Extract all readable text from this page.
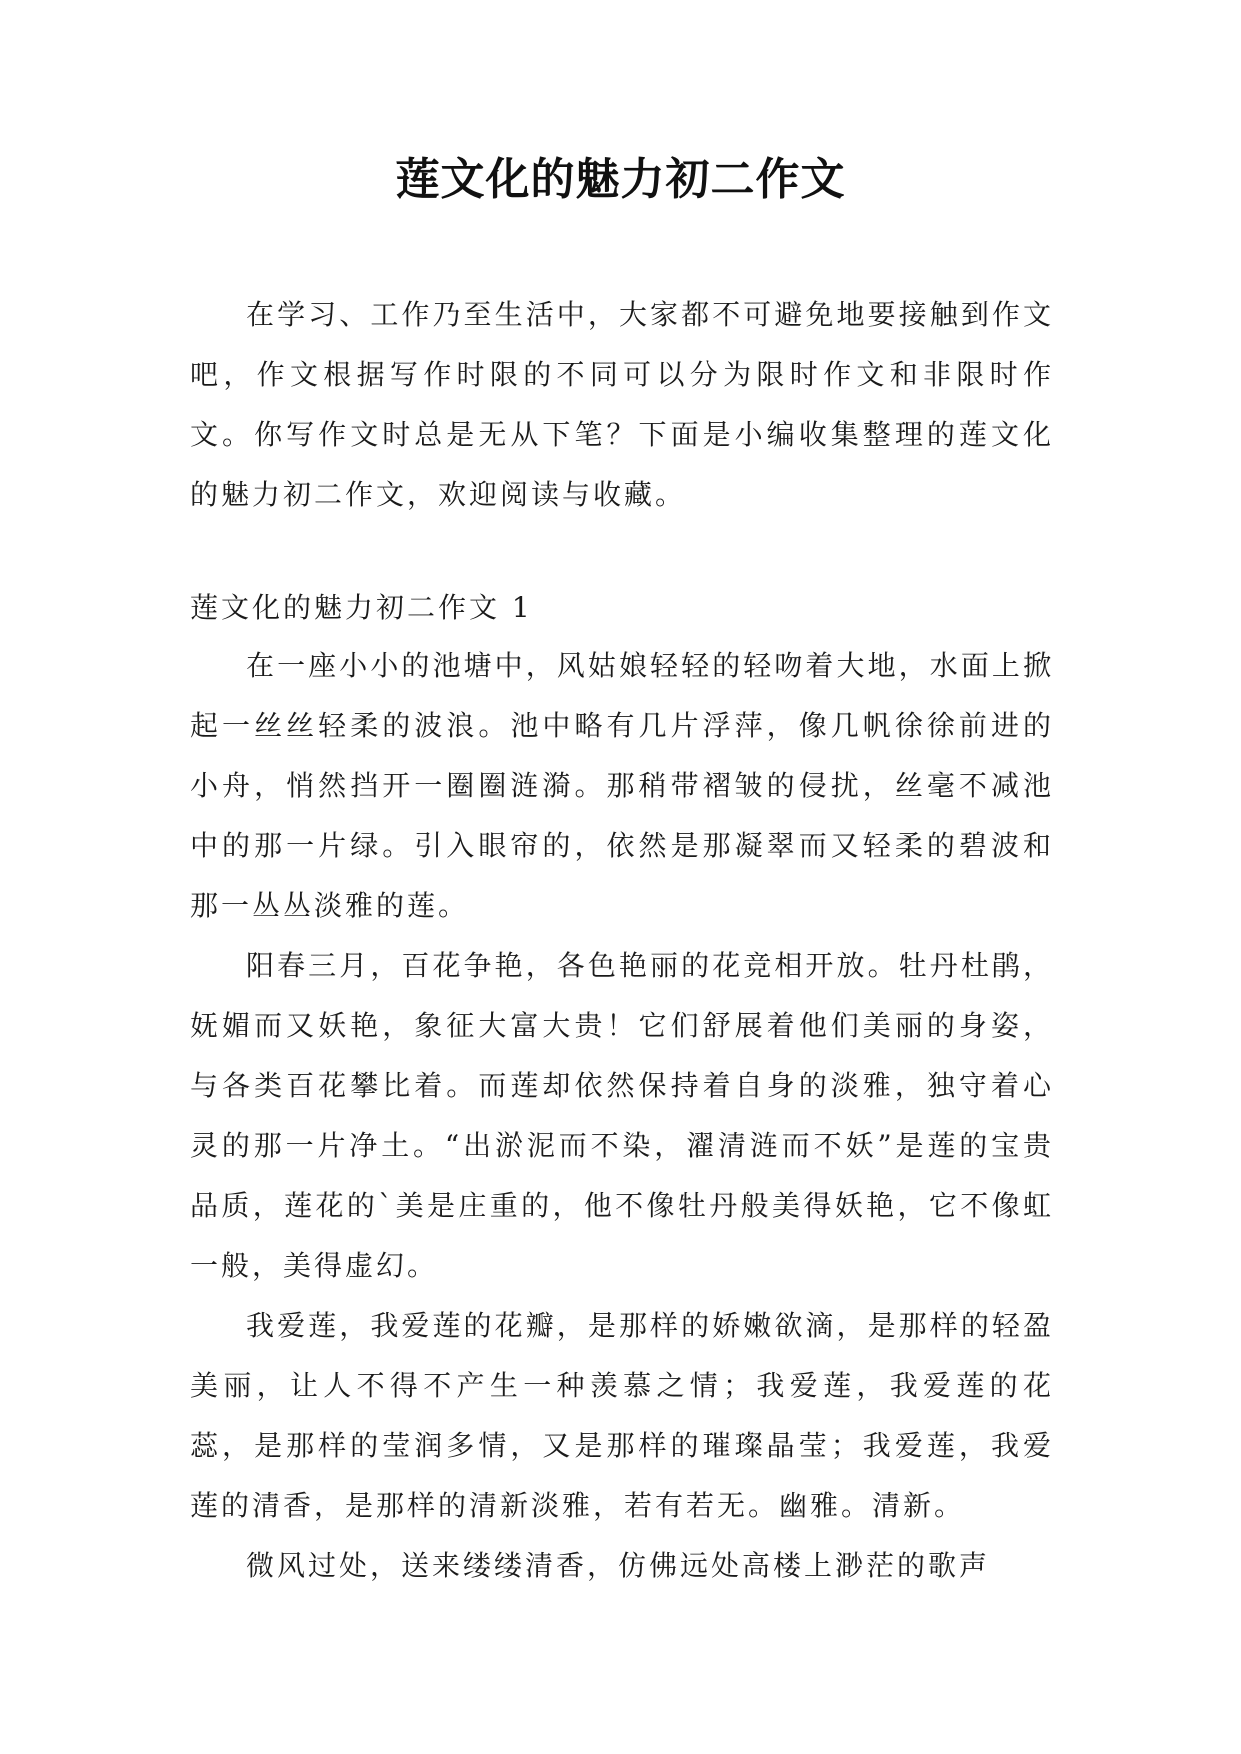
莲文化的魅力初二作文

在学习、工作乃至生活中，大家都不可避免地要接触到作文吧，作文根据写作时限的不同可以分为限时作文和非限时作文。你写作文时总是无从下笔？下面是小编收集整理的莲文化的魅力初二作文，欢迎阅读与收藏。

莲文化的魅力初二作文 1

在一座小小的池塘中，风姑娘轻轻的轻吻着大地，水面上掀起一丝丝轻柔的波浪。池中略有几片浮萍，像几帆徐徐前进的小舟，悄然挡开一圈圈涟漪。那稍带褶皱的侵扰，丝毫不减池中的那一片绿。引入眼帘的，依然是那凝翠而又轻柔的碧波和那一丛丛淡雅的莲。

阳春三月，百花争艳，各色艳丽的花竞相开放。牡丹杜鹃，妩媚而又妖艳，象征大富大贵！它们舒展着他们美丽的身姿，与各类百花攀比着。而莲却依然保持着自身的淡雅，独守着心灵的那一片净土。“出淤泥而不染，濯清涟而不妖”是莲的宝贵品质，莲花的`美是庄重的，他不像牡丹般美得妖艳，它不像虹一般，美得虚幻。

我爱莲，我爱莲的花瓣，是那样的娇嫩欲滴，是那样的轻盈美丽，让人不得不产生一种羡慕之情；我爱莲，我爱莲的花蕊，是那样的莹润多情，又是那样的璀璨晶莹；我爱莲，我爱莲的清香，是那样的清新淡雅，若有若无。幽雅。清新。

微风过处，送来缕缕清香，仿佛远处高楼上渺茫的歌声
